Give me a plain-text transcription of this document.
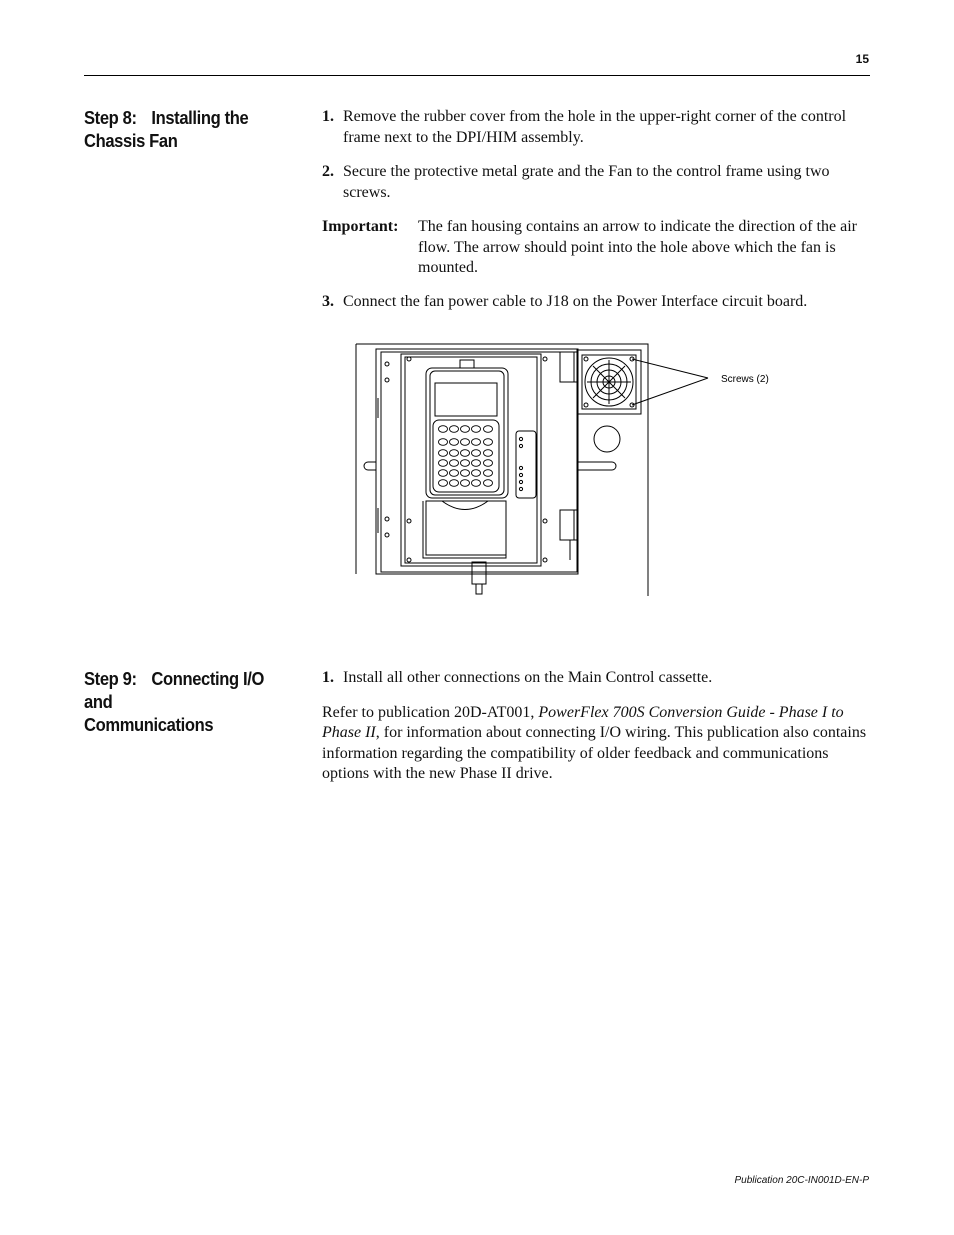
15
Step 8: Installing the
Chassis Fan
1. Remove the rubber cover from the hole in the upper-right corner of the control frame next to the DPI/HIM assembly.
2. Secure the protective metal grate and the Fan to the control frame using two screws.
Important: The fan housing contains an arrow to indicate the direction of the air flow. The arrow should point into the hole above which the fan is mounted.
3. Connect the fan power cable to J18 on the Power Interface circuit board.
Screws (2)
Step 9: Connecting I/O and
Communications
1. Install all other connections on the Main Control cassette.

Refer to publication 20D-AT001, PowerFlex 700S Conversion Guide - Phase I to Phase II, for information about connecting I/O wiring. This publication also contains information regarding the compatibility of older feedback and communications options with the new Phase II drive.

Publication 20C-IN001D-EN-P
